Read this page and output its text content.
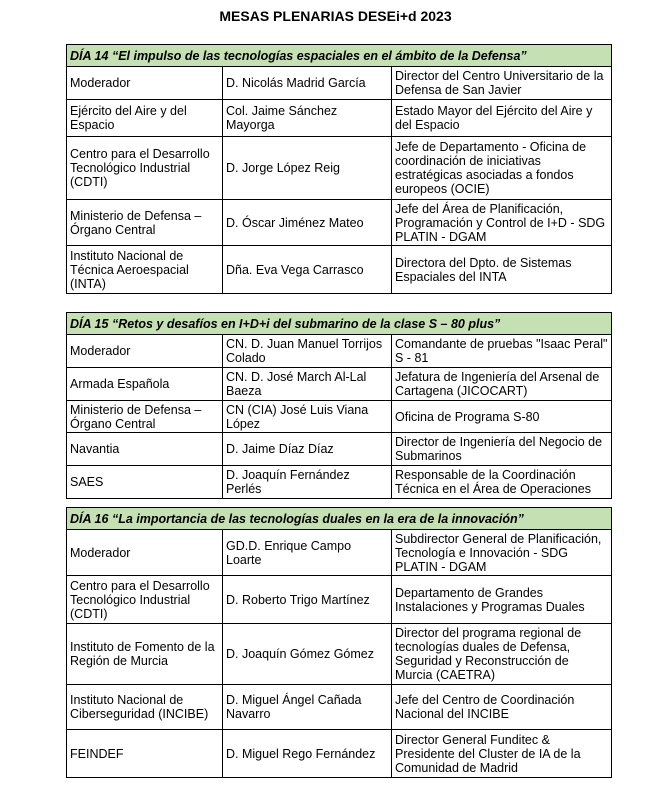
MESAS PLENARIAS DESEi+d 2023
DÍA 14 “El impulso de las tecnologías espaciales en el ámbito de la Defensa”		
Moderador	D. Nicolás Madrid García	Director del Centro Universitario de la Defensa de San Javier
Ejército del Aire y del Espacio	Col. Jaime Sánchez Mayorga	Estado Mayor del Ejército del Aire y del Espacio
Centro para el Desarrollo Tecnológico Industrial (CDTI)	D. Jorge López Reig	Jefe de Departamento - Oficina de coordinación de iniciativas estratégicas asociadas a fondos europeos (OCIE)
Ministerio de Defensa – Órgano Central	D. Óscar Jiménez Mateo	Jefe del Área de Planificación, Programación y Control de I+D - SDG PLATIN - DGAM
Instituto Nacional de Técnica Aeroespacial (INTA)	Dña. Eva Vega Carrasco	Directora del Dpto. de Sistemas Espaciales del INTA
DÍA 15 “Retos y desafíos en I+D+i del submarino de la clase S – 80 plus”		
Moderador	CN. D. Juan Manuel Torrijos Colado	Comandante de pruebas "Isaac Peral" S - 81
Armada Española	CN. D. José March Al-Lal Baeza	Jefatura de Ingeniería del Arsenal de Cartagena (JICOCART)
Ministerio de Defensa – Órgano Central	CN (CIA) José Luis Viana López	Oficina de Programa S-80
Navantia	D. Jaime Díaz Díaz	Director de Ingeniería del Negocio de Submarinos
SAES	D. Joaquín Fernández Perlés	Responsable de la Coordinación Técnica en el Área de Operaciones
DÍA 16 “La importancia de las tecnologías duales en la era de la innovación”		
Moderador	GD.D. Enrique Campo Loarte	Subdirector General de Planificación, Tecnología e Innovación - SDG PLATIN - DGAM
Centro para el Desarrollo Tecnológico Industrial (CDTI)	D. Roberto Trigo Martínez	Departamento de Grandes Instalaciones y Programas Duales
Instituto de Fomento de la Región de Murcia	D. Joaquín Gómez Gómez	Director del programa regional de tecnologías duales de Defensa, Seguridad y Reconstrucción de Murcia (CAETRA)
Instituto Nacional de Ciberseguridad (INCIBE)	D. Miguel Ángel Cañada Navarro	Jefe del Centro de Coordinación Nacional del INCIBE
FEINDEF	D. Miguel Rego Fernández	Director General Funditec & Presidente del Cluster de IA de la Comunidad de Madrid
